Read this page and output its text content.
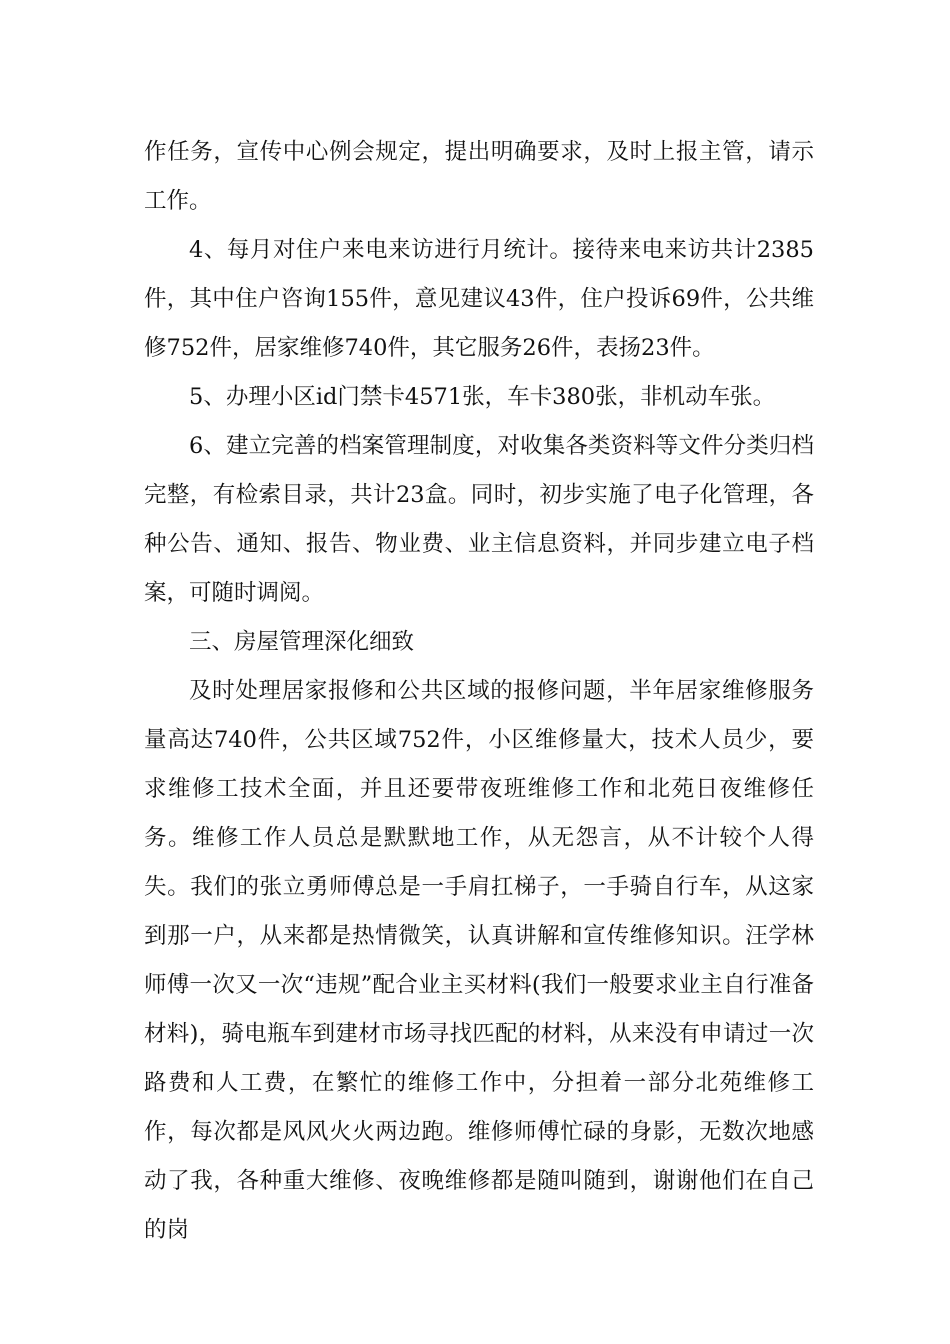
作任务，宣传中心例会规定，提出明确要求，及时上报主管，请示工作。

4、每月对住户来电来访进行月统计。接待来电来访共计2385件，其中住户咨询155件，意见建议43件，住户投诉69件，公共维修752件，居家维修740件，其它服务26件，表扬23件。

5、办理小区id门禁卡4571张，车卡380张，非机动车张。

6、建立完善的档案管理制度，对收集各类资料等文件分类归档完整，有检索目录，共计23盒。同时，初步实施了电子化管理，各种公告、通知、报告、物业费、业主信息资料，并同步建立电子档案，可随时调阅。

三、房屋管理深化细致

及时处理居家报修和公共区域的报修问题，半年居家维修服务量高达740件，公共区域752件，小区维修量大，技术人员少，要求维修工技术全面，并且还要带夜班维修工作和北苑日夜维修任务。维修工作人员总是默默地工作，从无怨言，从不计较个人得失。我们的张立勇师傅总是一手肩扛梯子，一手骑自行车，从这家到那一户，从来都是热情微笑，认真讲解和宣传维修知识。汪学林师傅一次又一次“违规”配合业主买材料(我们一般要求业主自行准备材料)，骑电瓶车到建材市场寻找匹配的材料，从来没有申请过一次路费和人工费，在繁忙的维修工作中，分担着一部分北苑维修工作，每次都是风风火火两边跑。维修师傅忙碌的身影，无数次地感动了我，各种重大维修、夜晚维修都是随叫随到，谢谢他们在自己的岗
